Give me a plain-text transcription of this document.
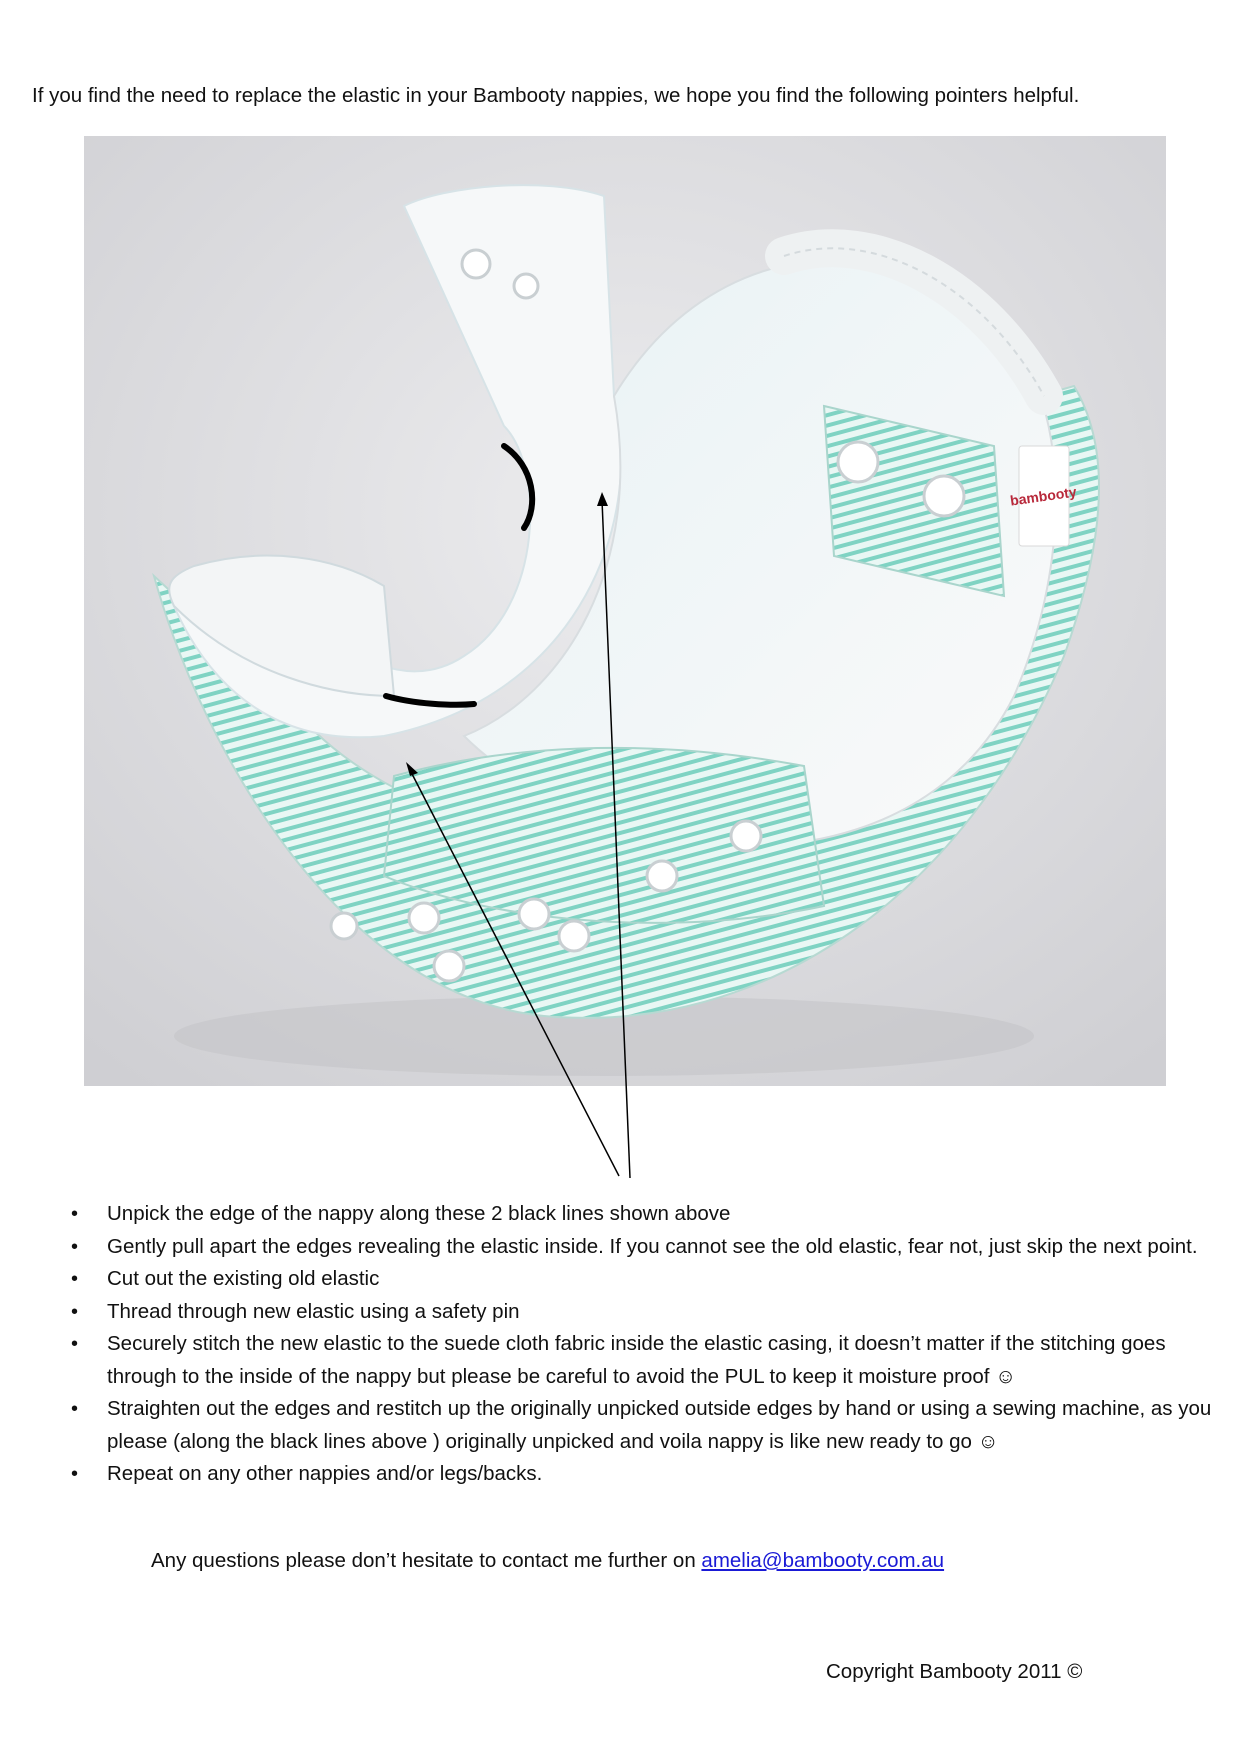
If you find the need to replace the elastic in your Bambooty nappies, we hope you find the following pointers helpful.
bambooty
• Unpick the edge of the nappy along these 2 black lines shown above
• Gently pull apart the edges revealing the elastic inside. If you cannot see the old elastic, fear not, just skip the next point.
• Cut out the existing old elastic
• Thread through new elastic using a safety pin
• Securely stitch the new elastic to the suede cloth fabric inside the elastic casing, it doesn’t matter if the stitching goes through to the inside of the nappy but please be careful to avoid the PUL to keep it moisture proof ☺
• Straighten out the edges and restitch up the originally unpicked outside edges by hand or using a sewing machine, as you please (along the black lines above ) originally unpicked and voila nappy is like new ready to go ☺
• Repeat on any other nappies and/or legs/backs.
Any questions please don’t hesitate to contact me further on amelia@bambooty.com.au
Copyright Bambooty 2011 ©
